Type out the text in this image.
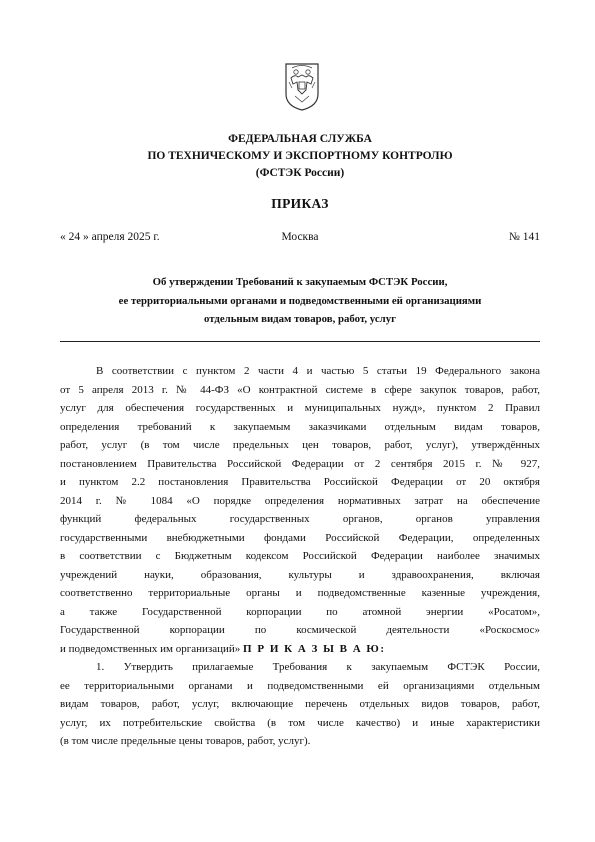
ФЕДЕРАЛЬНАЯ СЛУЖБА
ПО ТЕХНИЧЕСКОМУ И ЭКСПОРТНОМУ КОНТРОЛЮ
(ФСТЭК России)
ПРИКАЗ
« 24 » апреля 2025 г.	Москва	№ 141
Об утверждении Требований к закупаемым ФСТЭК России,
ее территориальными органами и подведомственными ей организациями
отдельным видам товаров, работ, услуг
В соответствии с пунктом 2 части 4 и частью 5 статьи 19 Федерального закона
от 5 апреля 2013 г. № 44-ФЗ «О контрактной системе в сфере закупок товаров, работ,
услуг для обеспечения государственных и муниципальных нужд», пунктом 2 Правил
определения требований к закупаемым заказчиками отдельным видам товаров,
работ, услуг (в том числе предельных цен товаров, работ, услуг), утверждённых
постановлением Правительства Российской Федерации от 2 сентября 2015 г. № 927,
и пунктом 2.2 постановления Правительства Российской Федерации от 20 октября
2014 г. № 1084 «О порядке определения нормативных затрат на обеспечение
функций федеральных государственных органов, органов управления
государственными внебюджетными фондами Российской Федерации, определенных
в соответствии с Бюджетным кодексом Российской Федерации наиболее значимых
учреждений науки, образования, культуры и здравоохранения, включая
соответственно территориальные органы и подведомственные казенные учреждения,
а также Государственной корпорации по атомной энергии «Росатом»,
Государственной корпорации по космической деятельности «Роскосмос»
и подведомственных им организаций» П Р И К А З Ы В А Ю:
1. Утвердить прилагаемые Требования к закупаемым ФСТЭК России,
ее территориальными органами и подведомственными ей организациями отдельным
видам товаров, работ, услуг, включающие перечень отдельных видов товаров, работ,
услуг, их потребительские свойства (в том числе качество) и иные характеристики
(в том числе предельные цены товаров, работ, услуг).
